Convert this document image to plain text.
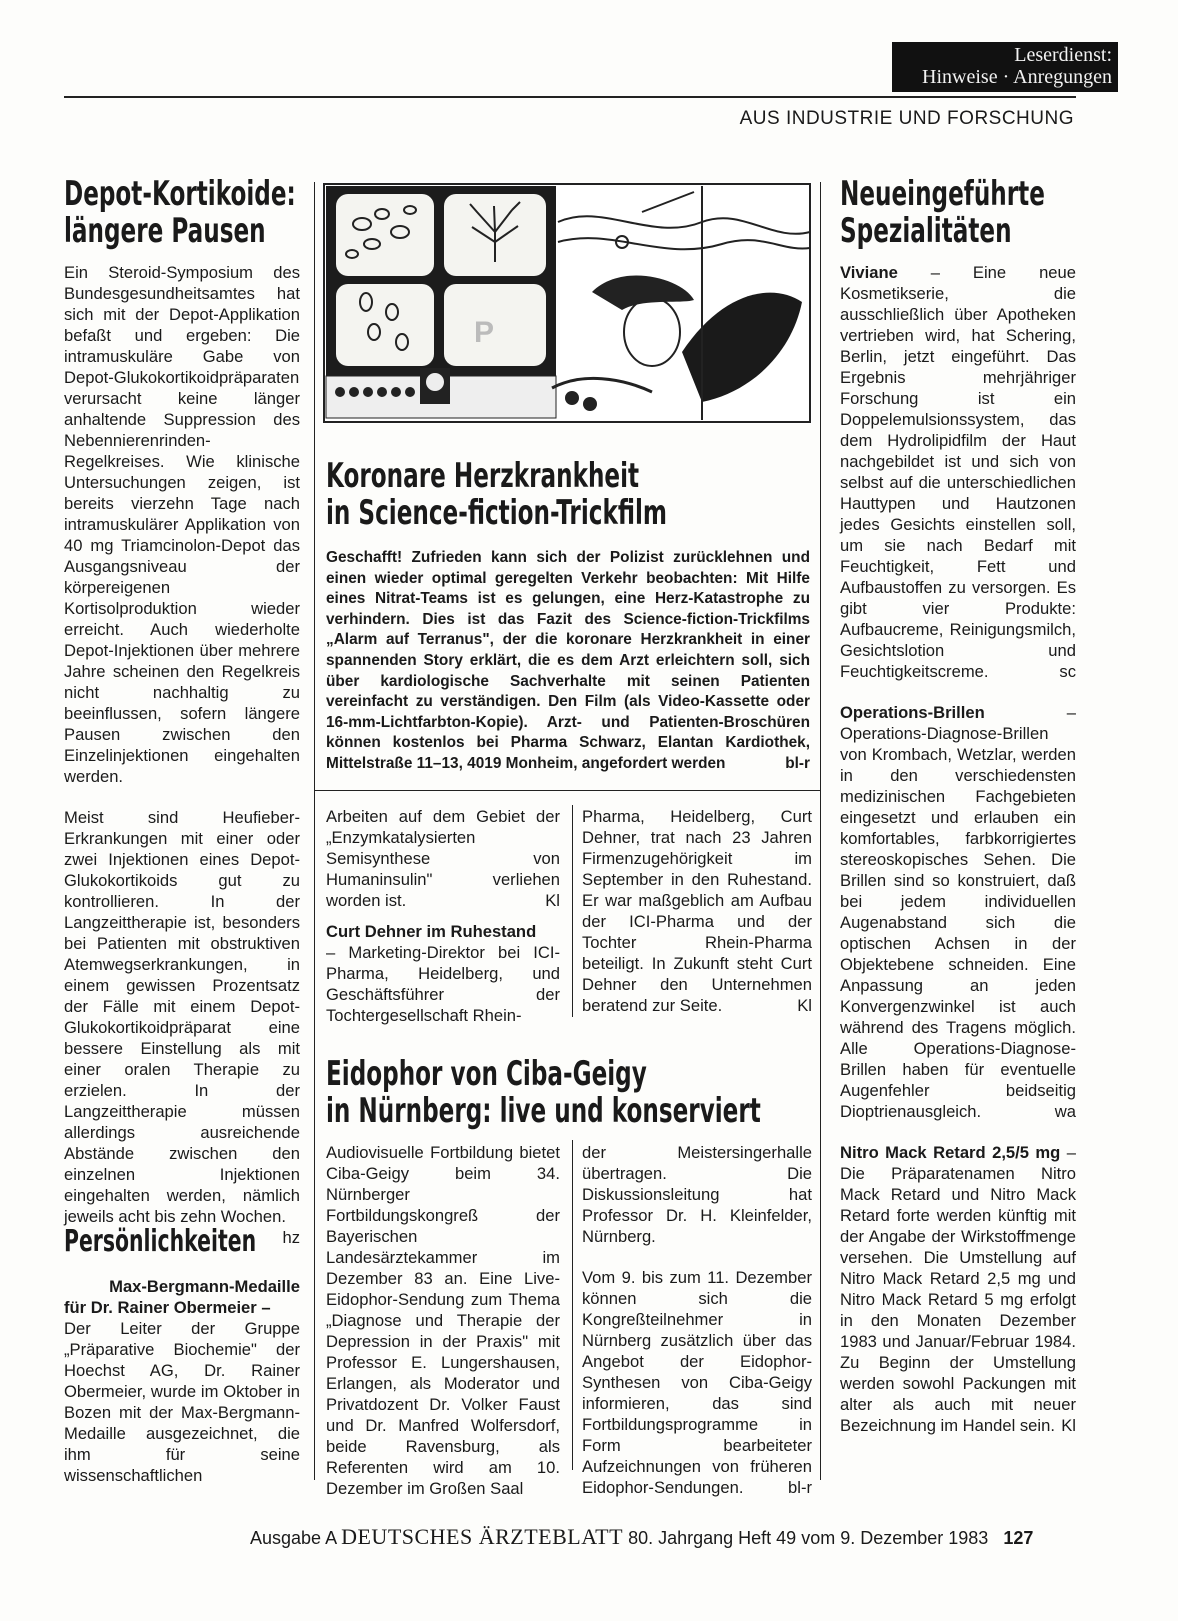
Leserdienst:
Hinweise · Anregungen
AUS INDUSTRIE UND FORSCHUNG
Depot-Kortikoide:
längere Pausen

Ein Steroid-Symposium des Bundesgesundheitsamtes hat sich mit der Depot-Applikation befaßt und ergeben: Die intramuskuläre Gabe von Depot-Glukokortikoidpräparaten verursacht keine länger anhaltende Suppression des Nebennierenrinden-Regelkreises. Wie klinische Untersuchungen zeigen, ist bereits vierzehn Tage nach intramuskulärer Applikation von 40 mg Triamcinolon-Depot das Ausgangsniveau der körpereigenen Kortisolproduktion wieder erreicht. Auch wiederholte Depot-Injektionen über mehrere Jahre scheinen den Regelkreis nicht nachhaltig zu beeinflussen, sofern längere Pausen zwischen den Einzelinjektionen eingehalten werden.

Meist sind Heufieber-Erkrankungen mit einer oder zwei Injektionen eines Depot-Glukokortikoids gut zu kontrollieren. In der Langzeittherapie ist, besonders bei Patienten mit obstruktiven Atemwegserkrankungen, in einem gewissen Prozentsatz der Fälle mit einem Depot-Glukokortikoidpräparat eine bessere Einstellung als mit einer oralen Therapie zu erzielen. In der Langzeittherapie müssen allerdings ausreichende Abstände zwischen den einzelnen Injektionen eingehalten werden, nämlich jeweils acht bis zehn Wochen.
hz

Persönlichkeiten
Max-Bergmann-Medaille
für Dr. Rainer Obermeier –
Der Leiter der Gruppe „Präparative Biochemie" der Hoechst AG, Dr. Rainer Obermeier, wurde im Oktober in Bozen mit der Max-Bergmann-Medaille ausgezeichnet, die ihm für seine wissenschaftlichen
P
Koronare Herzkrankheit
in Science-fiction-Trickfilm
Geschafft! Zufrieden kann sich der Polizist zurücklehnen und einen wieder optimal geregelten Verkehr beobachten: Mit Hilfe eines Nitrat-Teams ist es gelungen, eine Herz-Katastrophe zu verhindern. Dies ist das Fazit des Science-fiction-Trickfilms „Alarm auf Terranus", der die koronare Herzkrankheit in einer spannenden Story erklärt, die es dem Arzt erleichtern soll, sich über kardiologische Sachverhalte mit seinen Patienten vereinfacht zu verständigen. Den Film (als Video-Kassette oder 16-mm-Lichtfarbton-Kopie). Arzt- und Patienten-Broschüren können kostenlos bei Pharma Schwarz, Elantan Kardiothek, Mittelstraße 11–13, 4019 Monheim, angefordert werden	bl-r

Arbeiten auf dem Gebiet der „Enzymkatalysierten Semisynthese von Humaninsulin" verliehen worden ist.	Kl

Curt Dehner im Ruhestand
– Marketing-Direktor bei ICI-Pharma, Heidelberg, und Geschäftsführer der Tochtergesellschaft Rhein-
Pharma, Heidelberg, Curt Dehner, trat nach 23 Jahren Firmenzugehörigkeit im September in den Ruhestand. Er war maßgeblich am Aufbau der ICI-Pharma und der Tochter Rhein-Pharma beteiligt. In Zukunft steht Curt Dehner den Unternehmen beratend zur Seite.	Kl
Eidophor von Ciba-Geigy
in Nürnberg: live und konserviert
Audiovisuelle Fortbildung bietet Ciba-Geigy beim 34. Nürnberger Fortbildungskongreß der Bayerischen Landesärztekammer im Dezember 83 an. Eine Live-Eidophor-Sendung zum Thema „Diagnose und Therapie der Depression in der Praxis" mit Professor E. Lungershausen, Erlangen, als Moderator und Privatdozent Dr. Volker Faust und Dr. Manfred Wolfersdorf, beide Ravensburg, als Referenten wird am 10. Dezember im Großen Saal

der Meistersingerhalle übertragen. Die Diskussionsleitung hat Professor Dr. H. Kleinfelder, Nürnberg.

Vom 9. bis zum 11. Dezember können sich die Kongreßteilnehmer in Nürnberg zusätzlich über das Angebot der Eidophor-Synthesen von Ciba-Geigy informieren, das sind Fortbildungsprogramme in Form bearbeiteter Aufzeichnungen von früheren Eidophor-Sendungen.	bl-r

Neueingeführte
Spezialitäten

Viviane – Eine neue Kosmetikserie, die ausschließlich über Apotheken vertrieben wird, hat Schering, Berlin, jetzt eingeführt. Das Ergebnis mehrjähriger Forschung ist ein Doppelemulsionssystem, das dem Hydrolipidfilm der Haut nachgebildet ist und sich von selbst auf die unterschiedlichen Hauttypen und Hautzonen jedes Gesichts einstellen soll, um sie nach Bedarf mit Feuchtigkeit, Fett und Aufbaustoffen zu versorgen. Es gibt vier Produkte: Aufbaucreme, Reinigungsmilch, Gesichtslotion und Feuchtigkeitscreme.	sc

Operations-Brillen – Operations-Diagnose-Brillen von Krombach, Wetzlar, werden in den verschiedensten medizinischen Fachgebieten eingesetzt und erlauben ein komfortables, farbkorrigiertes stereoskopisches Sehen. Die Brillen sind so konstruiert, daß bei jedem individuellen Augenabstand sich die optischen Achsen in der Objektebene schneiden. Eine Anpassung an jeden Konvergenzwinkel ist auch während des Tragens möglich. Alle Operations-Diagnose-Brillen haben für eventuelle Augenfehler beidseitig Dioptrienausgleich.	wa

Nitro Mack Retard 2,5/5 mg – Die Präparatenamen Nitro Mack Retard und Nitro Mack Retard forte werden künftig mit der Angabe der Wirkstoffmenge versehen. Die Umstellung auf Nitro Mack Retard 2,5 mg und Nitro Mack Retard 5 mg erfolgt in den Monaten Dezember 1983 und Januar/Februar 1984. Zu Beginn der Umstellung werden sowohl Packungen mit alter als auch mit neuer Bezeichnung im Handel sein. Kl

Ausgabe A DEUTSCHES ÄRZTEBLATT 80. Jahrgang Heft 49 vom 9. Dezember 1983 127
